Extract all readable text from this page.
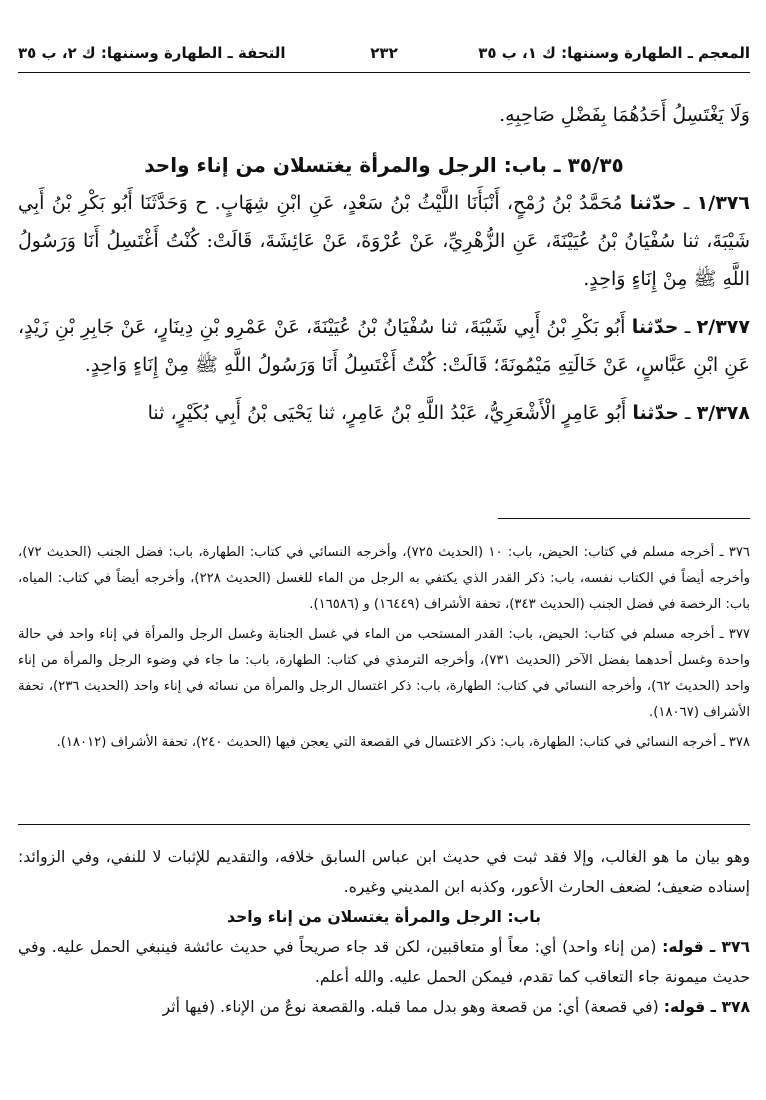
المعجم ـ الطهارة وسننها: ك ١، ب ٣٥
٢٣٢
التحفة ـ الطهارة وسننها: ك ٢، ب ٣٥

وَلَا يَغْتَسِلُ أَحَدُهُمَا بِفَضْلِ صَاحِبِهِ.

٣٥/٣٥ ـ باب: الرجل والمرأة يغتسلان من إناء واحد

١/٣٧٦ ـ حدّثنا مُحَمَّدُ بْنُ رُمْحٍ، أَنْبَأَنَا اللَّيْثُ بْنُ سَعْدٍ، عَنِ ابْنِ شِهَابٍ. ح وَحَدَّثَنَا أَبُو بَكْرِ بْنُ أَبِي شَيْبَةَ، ثنا سُفْيَانُ بْنُ عُيَيْنَةَ، عَنِ الزُّهْرِيِّ، عَنْ عُرْوَةَ، عَنْ عَائِشَةَ، قَالَتْ: كُنْتُ أَغْتَسِلُ أَنَا وَرَسُولُ اللَّهِ ﷺ مِنْ إِنَاءٍ وَاحِدٍ.

٢/٣٧٧ ـ حدّثنا أَبُو بَكْرِ بْنُ أَبِي شَيْبَةَ، ثنا سُفْيَانُ بْنُ عُيَيْنَةَ، عَنْ عَمْرِو بْنِ دِينَارٍ، عَنْ جَابِرِ بْنِ زَيْدٍ، عَنِ ابْنِ عَبَّاسٍ، عَنْ خَالَتِهِ مَيْمُونَةَ؛ قَالَتْ: كُنْتُ أَغْتَسِلُ أَنَا وَرَسُولُ اللَّهِ ﷺ مِنْ إِنَاءٍ وَاحِدٍ.

٣/٣٧٨ ـ حدّثنا أَبُو عَامِرٍ الْأَشْعَرِيُّ، عَبْدُ اللَّهِ بْنُ عَامِرٍ، ثنا يَحْيَى بْنُ أَبِي بُكَيْرٍ، ثنا

٣٧٦ ـ أخرجه مسلم في كتاب: الحيض، باب: ١٠ (الحديث ٧٢٥)، وأخرجه النسائي في كتاب: الطهارة، باب: فضل الجنب (الحديث ٧٢)، وأخرجه أيضاً في الكتاب نفسه، باب: ذكر القدر الذي يكتفي به الرجل من الماء للغسل (الحديث ٢٢٨)، وأخرجه أيضاً في كتاب: المياه، باب: الرخصة في فضل الجنب (الحديث ٣٤٣)، تحفة الأشراف (١٦٤٤٩) و (١٦٥٨٦).

٣٧٧ ـ أخرجه مسلم في كتاب: الحيض، باب: القدر المستحب من الماء في غسل الجنابة وغسل الرجل والمرأة في إناء واحد في حالة واحدة وغسل أحدهما بفضل الآخر (الحديث ٧٣١)، وأخرجه الترمذي في كتاب: الطهارة، باب: ما جاء في وضوء الرجل والمرأة من إناء واحد (الحديث ٦٢)، وأخرجه النسائي في كتاب: الطهارة، باب: ذكر اغتسال الرجل والمرأة من نسائه في إناء واحد (الحديث ٢٣٦)، تحفة الأشراف (١٨٠٦٧).

٣٧٨ ـ أخرجه النسائي في كتاب: الطهارة، باب: ذكر الاغتسال في القصعة التي يعجن فيها (الحديث ٢٤٠)، تحفة الأشراف (١٨٠١٢).

وهو بيان ما هو الغالب، وإلا فقد ثبت في حديث ابن عباس السابق خلافه، والتقديم للإثبات لا للنفي، وفي الزوائد: إسناده ضعيف؛ لضعف الحارث الأعور، وكذبه ابن المديني وغيره.

باب: الرجل والمرأة يغتسلان من إناء واحد

٣٧٦ ـ قوله: (من إناء واحد) أي: معاً أو متعاقبين، لكن قد جاء صريحاً في حديث عائشة فينبغي الحمل عليه. وفي حديث ميمونة جاء التعاقب كما تقدم، فيمكن الحمل عليه. والله أعلم.

٣٧٨ ـ قوله: (في قصعة) أي: من قصعة وهو بدل مما قبله. والقصعة نوعٌ من الإناء. (فيها أثر
